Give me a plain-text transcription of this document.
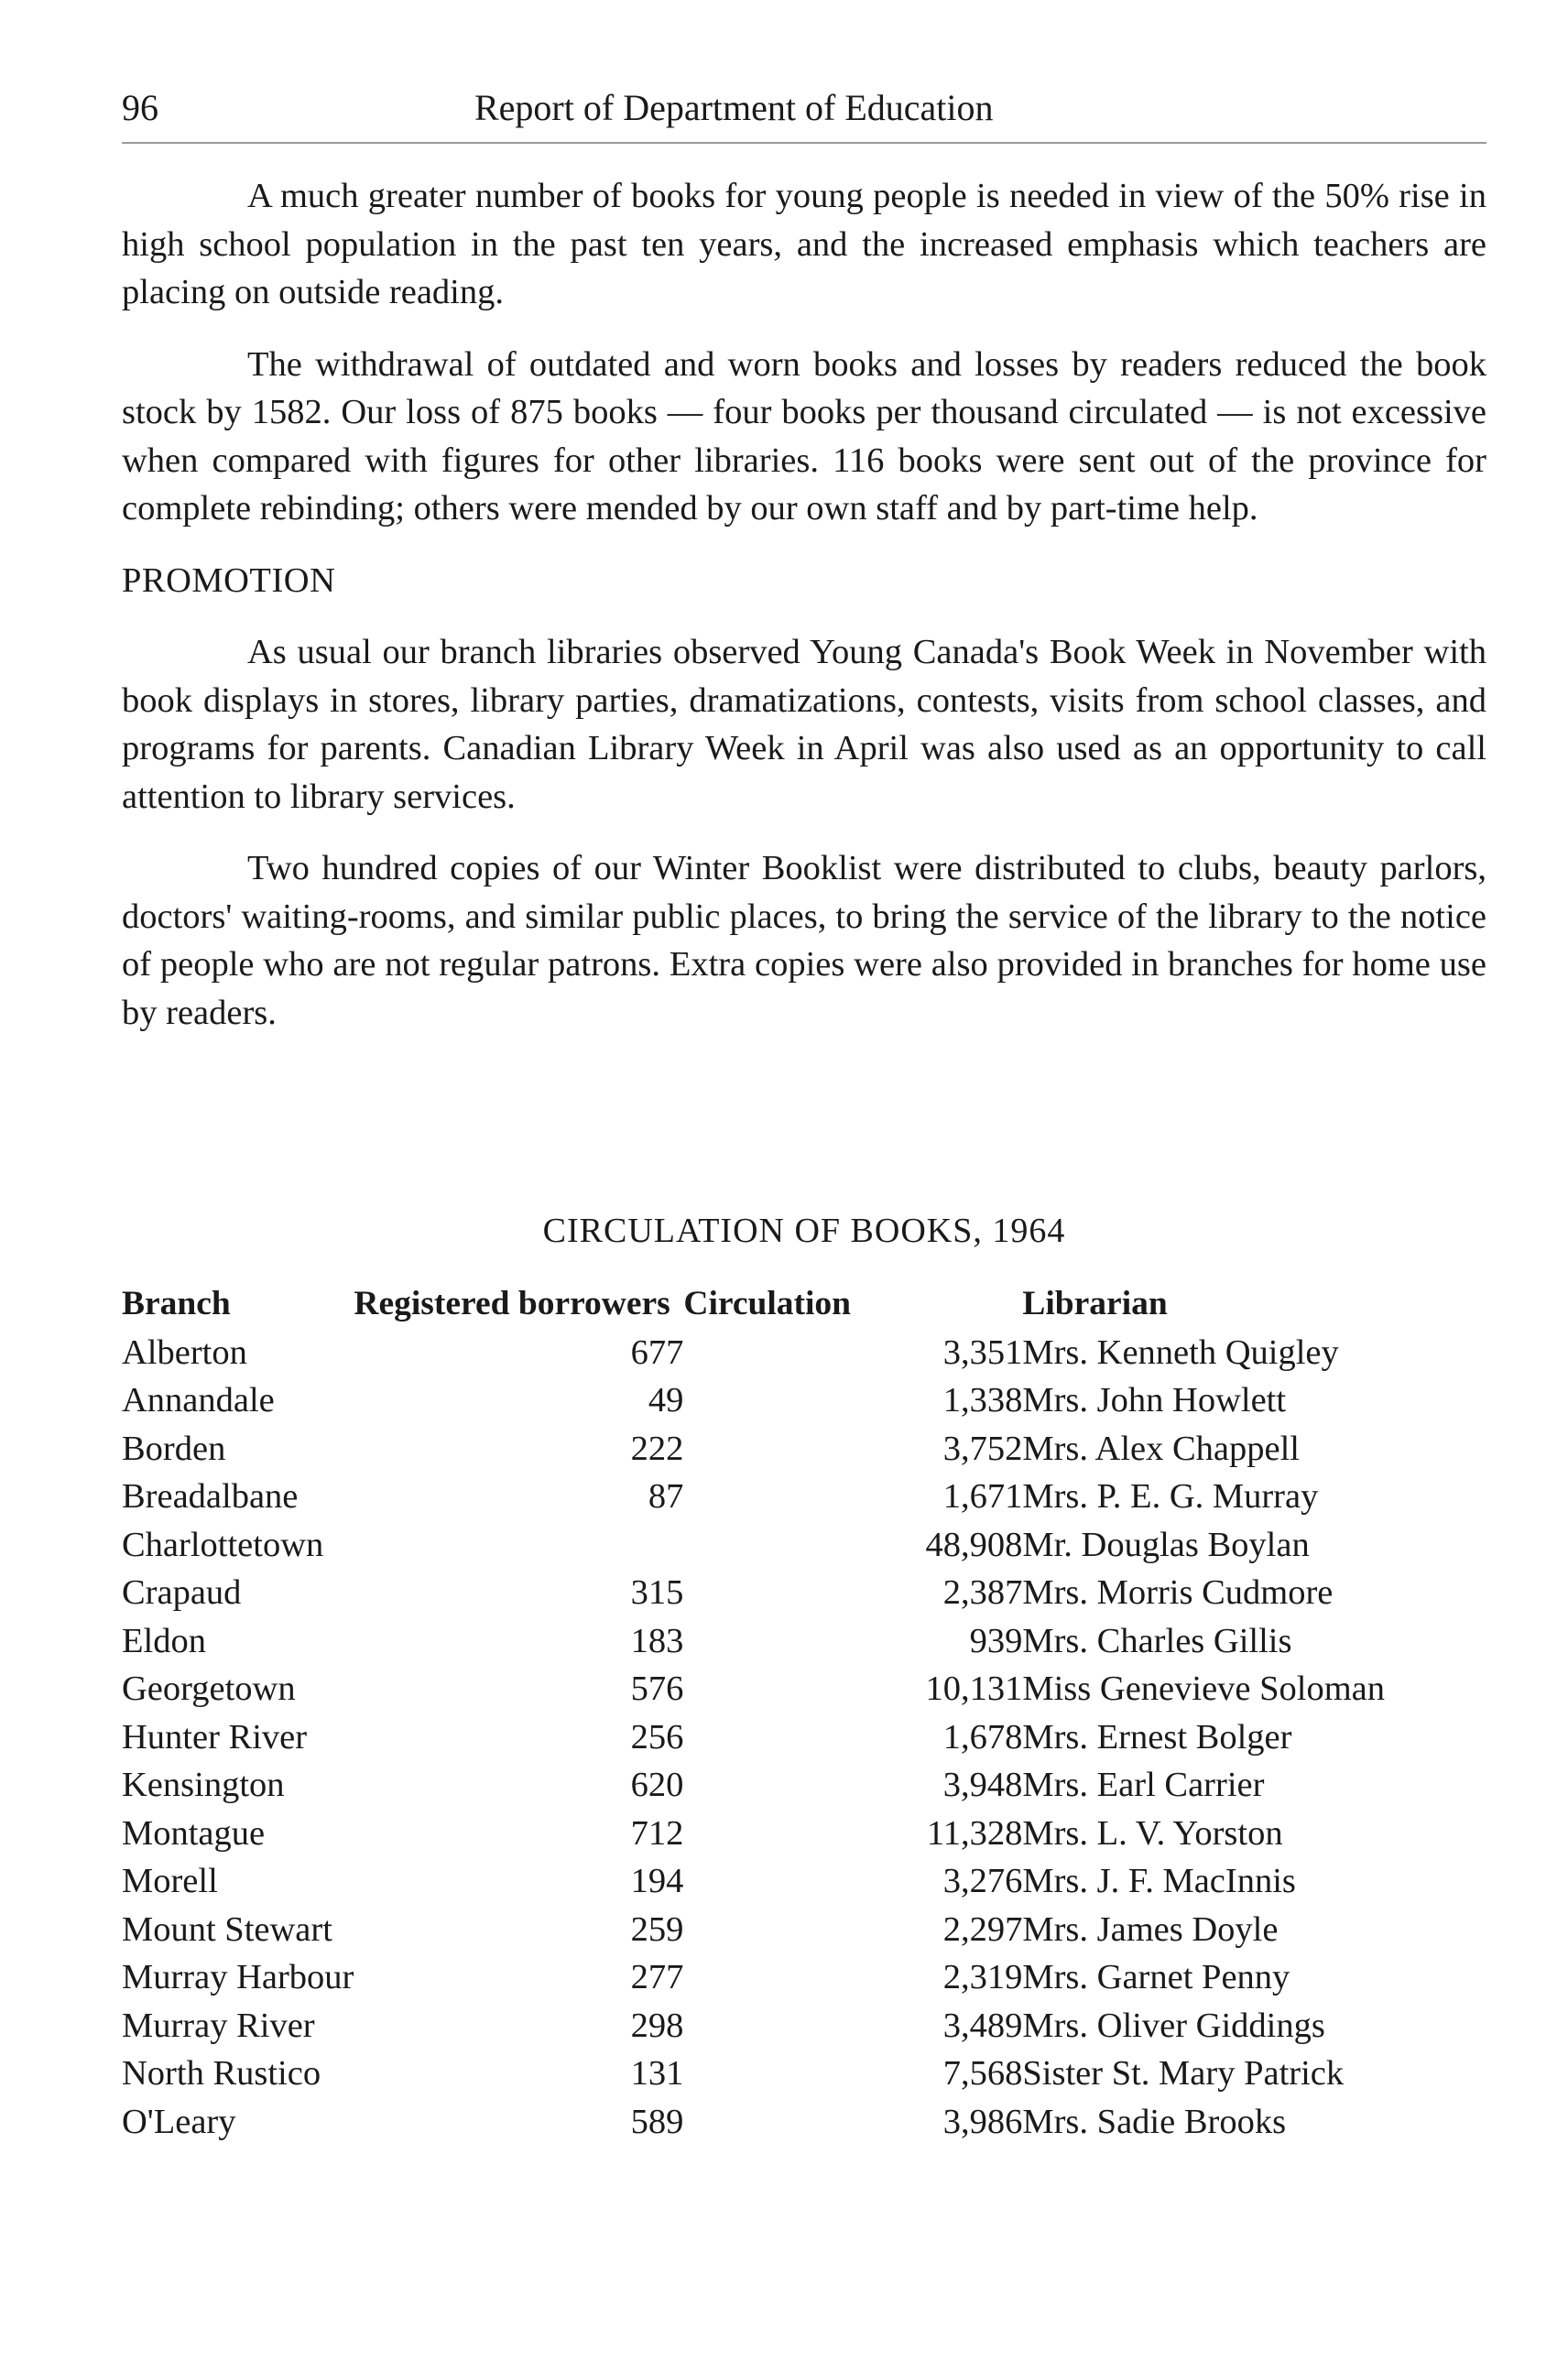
96	Report of Department of Education

A much greater number of books for young people is needed in view of the 50% rise in high school population in the past ten years, and the increased emphasis which teachers are placing on outside reading.

The withdrawal of outdated and worn books and losses by readers reduced the book stock by 1582. Our loss of 875 books — four books per thousand circulated — is not excessive when compared with figures for other libraries. 116 books were sent out of the province for complete rebinding; others were mended by our own staff and by part-time help.

PROMOTION

As usual our branch libraries observed Young Canada's Book Week in November with book displays in stores, library parties, dramatizations, contests, visits from school classes, and programs for parents. Canadian Library Week in April was also used as an opportunity to call attention to library services.

Two hundred copies of our Winter Booklist were distributed to clubs, beauty parlors, doctors' waiting-rooms, and similar public places, to bring the service of the library to the notice of people who are not regular patrons. Extra copies were also provided in branches for home use by readers.

CIRCULATION OF BOOKS, 1964
Branch	Registered borrowers	Circulation	Librarian
Alberton	677	3,351	Mrs. Kenneth Quigley
Annandale	49	1,338	Mrs. John Howlett
Borden	222	3,752	Mrs. Alex Chappell
Breadalbane	87	1,671	Mrs. P. E. G. Murray
Charlottetown		48,908	Mr. Douglas Boylan
Crapaud	315	2,387	Mrs. Morris Cudmore
Eldon	183	939	Mrs. Charles Gillis
Georgetown	576	10,131	Miss Genevieve Soloman
Hunter River	256	1,678	Mrs. Ernest Bolger
Kensington	620	3,948	Mrs. Earl Carrier
Montague	712	11,328	Mrs. L. V. Yorston
Morell	194	3,276	Mrs. J. F. MacInnis
Mount Stewart	259	2,297	Mrs. James Doyle
Murray Harbour	277	2,319	Mrs. Garnet Penny
Murray River	298	3,489	Mrs. Oliver Giddings
North Rustico	131	7,568	Sister St. Mary Patrick
O'Leary	589	3,986	Mrs. Sadie Brooks
